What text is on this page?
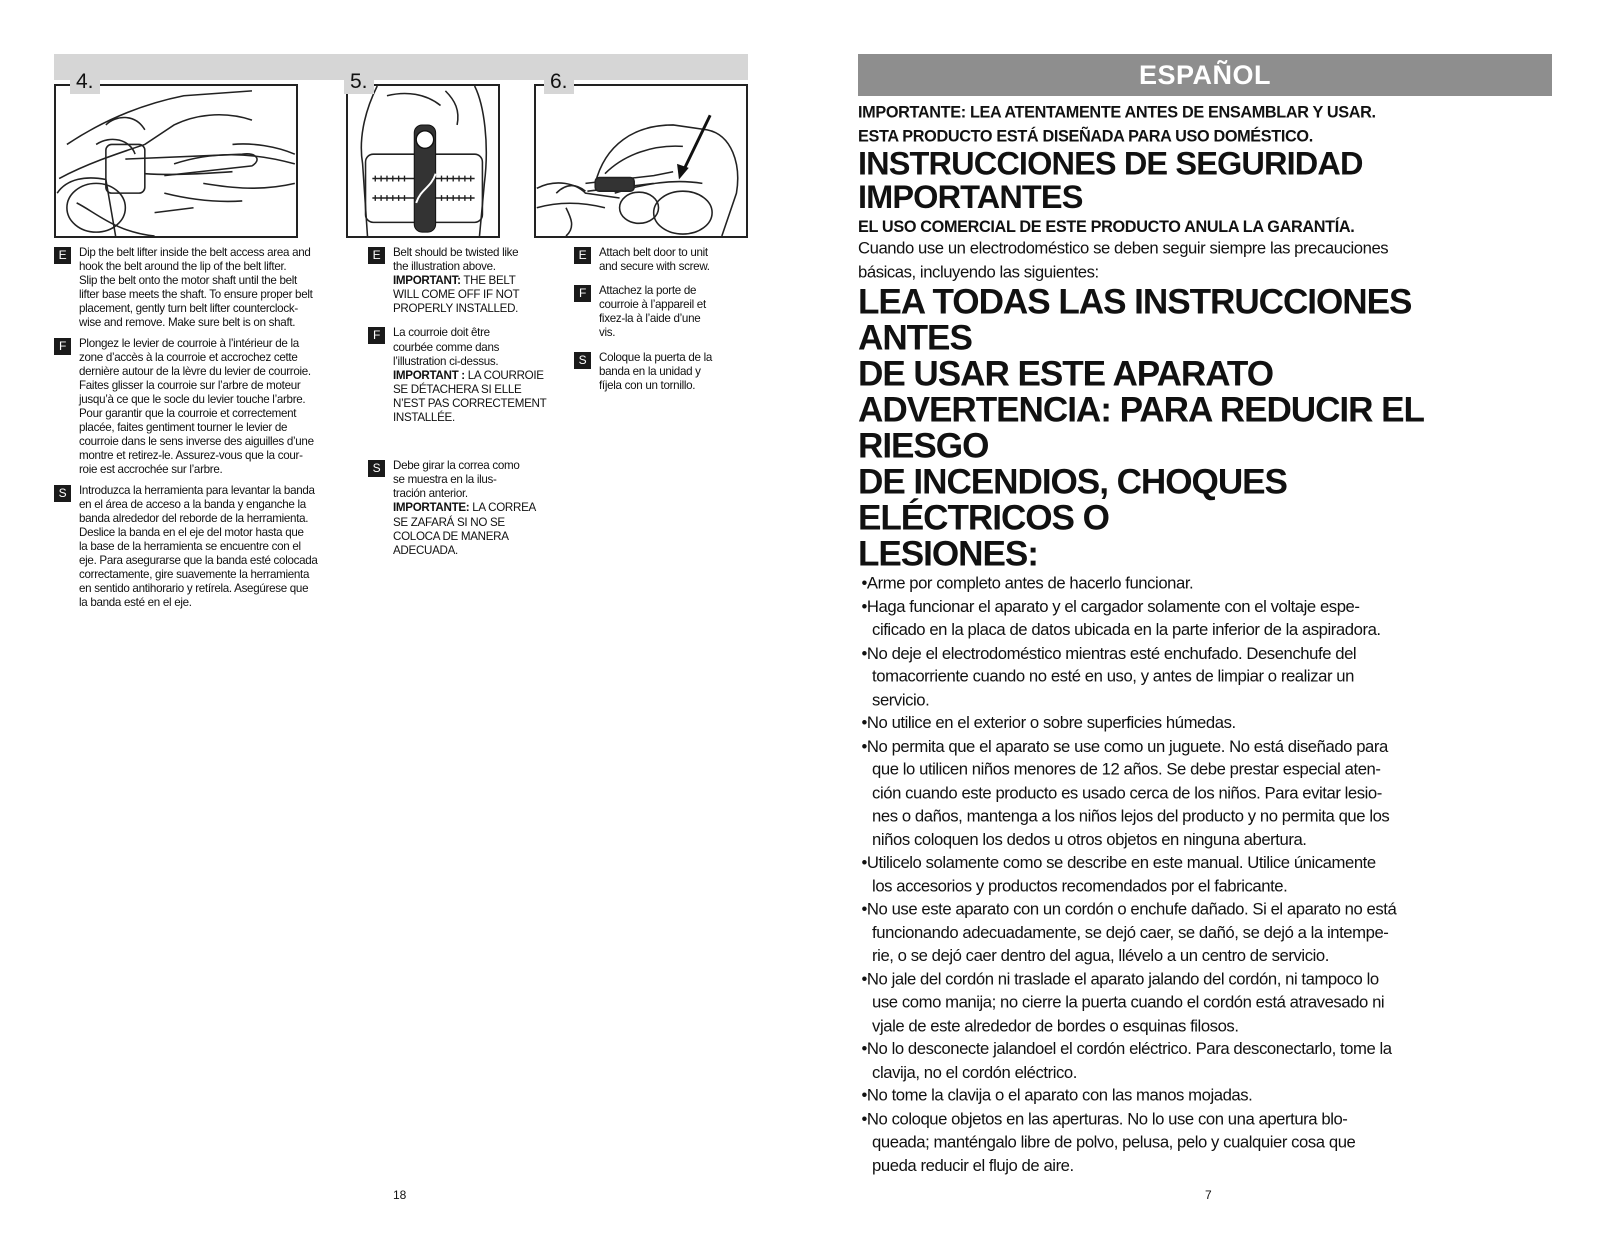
4.	5.	6.
E	Dip the belt lifter inside the belt access area and
hook the belt around the lip of the belt lifter.
Slip the belt onto the motor shaft until the belt
lifter base meets the shaft. To ensure proper belt
placement, gently turn belt lifter counterclock-
wise and remove. Make sure belt is on shaft.

F	Plongez le levier de courroie à l’intérieur de la
zone d’accès à la courroie et accrochez cette
dernière autour de la lèvre du levier de courroie.
Faites glisser la courroie sur l’arbre de moteur
jusqu’à ce que le socle du levier touche l’arbre.
Pour garantir que la courroie et correctement
placée, faites gentiment tourner le levier de
courroie dans le sens inverse des aiguilles d’une
montre et retirez-le. Assurez-vous que la cour-
roie est accrochée sur l’arbre.

S	Introduzca la herramienta para levantar la banda
en el área de acceso a la banda y enganche la
banda alrededor del reborde de la herramienta.
Deslice la banda en el eje del motor hasta que
la base de la herramienta se encuentre con el
eje. Para asegurarse que la banda esté colocada
correctamente, gire suavemente la herramienta
en sentido antihorario y retírela. Asegúrese que
la banda esté en el eje.

E	Belt should be twisted like
the illustration above.

IMPORTANT: THE BELT
WILL COME OFF IF NOT
PROPERLY INSTALLED.

F	La courroie doit être
courbée comme dans
l’illustration ci-dessus.

IMPORTANT : LA COURROIE
SE DÉTACHERA SI ELLE
N’EST PAS CORRECTEMENT
INSTALLÉE.

S	Debe girar la correa como
se muestra en la ilus-
tración anterior.

IMPORTANTE: LA CORREA
SE ZAFARÁ SI NO SE
COLOCA DE MANERA
ADECUADA.

E	Attach belt door to unit
and secure with screw.

F	Attachez la porte de
courroie à l’appareil et
fixez-la à l’aide d’une
vis.

S	Coloque la puerta de la
banda en la unidad y
fíjela con un tornillo.

18
ESPAÑOL
IMPORTANTE: LEA ATENTAMENTE ANTES DE ENSAMBLAR Y USAR.
ESTA PRODUCTO ESTÁ DISEÑADA PARA USO DOMÉSTICO.
INSTRUCCIONES DE SEGURIDAD
IMPORTANTES
EL USO COMERCIAL DE ESTE PRODUCTO ANULA LA GARANTÍA.
Cuando use un electrodoméstico se deben seguir siempre las precauciones
básicas, incluyendo las siguientes:
LEA TODAS LAS INSTRUCCIONES ANTES
DE USAR ESTE APARATO
ADVERTENCIA: PARA REDUCIR EL RIESGO
DE INCENDIOS, CHOQUES ELÉCTRICOS O
LESIONES:
•Arme por completo antes de hacerlo funcionar.
•Haga funcionar el aparato y el cargador solamente con el voltaje espe-
cificado en la placa de datos ubicada en la parte inferior de la aspiradora.
•No deje el electrodoméstico mientras esté enchufado. Desenchufe del
tomacorriente cuando no esté en uso, y antes de limpiar o realizar un
servicio.
•No utilice en el exterior o sobre superficies húmedas.
•No permita que el aparato se use como un juguete. No está diseñado para
que lo utilicen niños menores de 12 años. Se debe prestar especial aten-
ción cuando este producto es usado cerca de los niños. Para evitar lesio-
nes o daños, mantenga a los niños lejos del producto y no permita que los
niños coloquen los dedos u otros objetos en ninguna abertura.
•Utilicelo solamente como se describe en este manual. Utilice únicamente
los accesorios y productos recomendados por el fabricante.
•No use este aparato con un cordón o enchufe dañado. Si el aparato no está
funcionando adecuadamente, se dejó caer, se dañó, se dejó a la intempe-
rie, o se dejó caer dentro del agua, llévelo a un centro de servicio.
•No jale del cordón ni traslade el aparato jalando del cordón, ni tampoco lo
use como manija; no cierre la puerta cuando el cordón está atravesado ni
vjale de este alrededor de bordes o esquinas filosos.
•No lo desconecte jalandoel el cordón eléctrico. Para desconectarlo, tome la
clavija, no el cordón eléctrico.
•No tome la clavija o el aparato con las manos mojadas.
•No coloque objetos en las aperturas. No lo use con una apertura blo-
queada; manténgalo libre de polvo, pelusa, pelo y cualquier cosa que
pueda reducir el flujo de aire.
7
